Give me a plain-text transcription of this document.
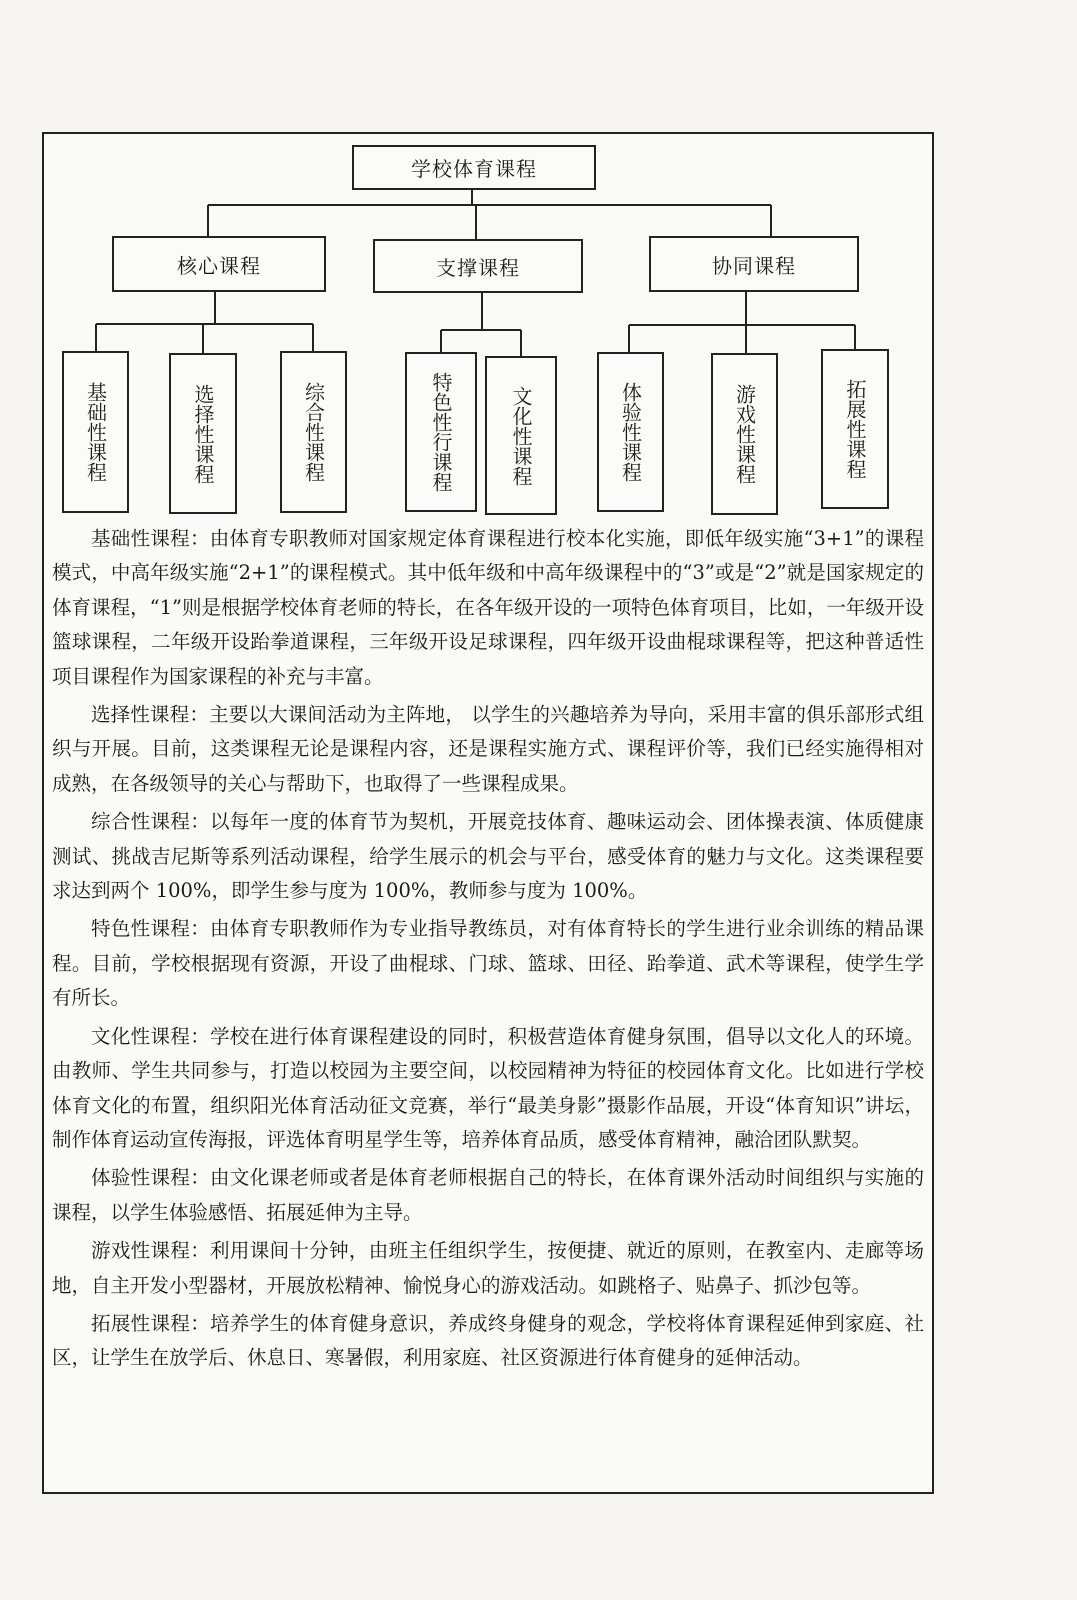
学校体育课程
核心课程	支撑课程	协同课程
基础性课程	选择性课程	综合性课程	特色性行课程	文化性课程	体验性课程	游戏性课程	拓展性课程

基础性课程：由体育专职教师对国家规定体育课程进行校本化实施，即低年级实施“3+1”的课程模式，中高年级实施“2+1”的课程模式。其中低年级和中高年级课程中的“3”或是“2”就是国家规定的体育课程，“1”则是根据学校体育老师的特长，在各年级开设的一项特色体育项目，比如，一年级开设篮球课程，二年级开设跆拳道课程，三年级开设足球课程，四年级开设曲棍球课程等，把这种普适性项目课程作为国家课程的补充与丰富。

选择性课程：主要以大课间活动为主阵地， 以学生的兴趣培养为导向，采用丰富的俱乐部形式组织与开展。目前，这类课程无论是课程内容，还是课程实施方式、课程评价等，我们已经实施得相对成熟，在各级领导的关心与帮助下，也取得了一些课程成果。

综合性课程：以每年一度的体育节为契机，开展竞技体育、趣味运动会、团体操表演、体质健康测试、挑战吉尼斯等系列活动课程，给学生展示的机会与平台，感受体育的魅力与文化。这类课程要求达到两个 100%，即学生参与度为 100%，教师参与度为 100%。

特色性课程：由体育专职教师作为专业指导教练员，对有体育特长的学生进行业余训练的精品课程。目前，学校根据现有资源，开设了曲棍球、门球、篮球、田径、跆拳道、武术等课程，使学生学有所长。

文化性课程：学校在进行体育课程建设的同时，积极营造体育健身氛围，倡导以文化人的环境。由教师、学生共同参与，打造以校园为主要空间，以校园精神为特征的校园体育文化。比如进行学校体育文化的布置，组织阳光体育活动征文竞赛，举行“最美身影”摄影作品展，开设“体育知识”讲坛，制作体育运动宣传海报，评选体育明星学生等，培养体育品质，感受体育精神，融洽团队默契。

体验性课程：由文化课老师或者是体育老师根据自己的特长，在体育课外活动时间组织与实施的课程，以学生体验感悟、拓展延伸为主导。

游戏性课程：利用课间十分钟，由班主任组织学生，按便捷、就近的原则，在教室内、走廊等场地，自主开发小型器材，开展放松精神、愉悦身心的游戏活动。如跳格子、贴鼻子、抓沙包等。

拓展性课程：培养学生的体育健身意识，养成终身健身的观念，学校将体育课程延伸到家庭、社区，让学生在放学后、休息日、寒暑假，利用家庭、社区资源进行体育健身的延伸活动。
